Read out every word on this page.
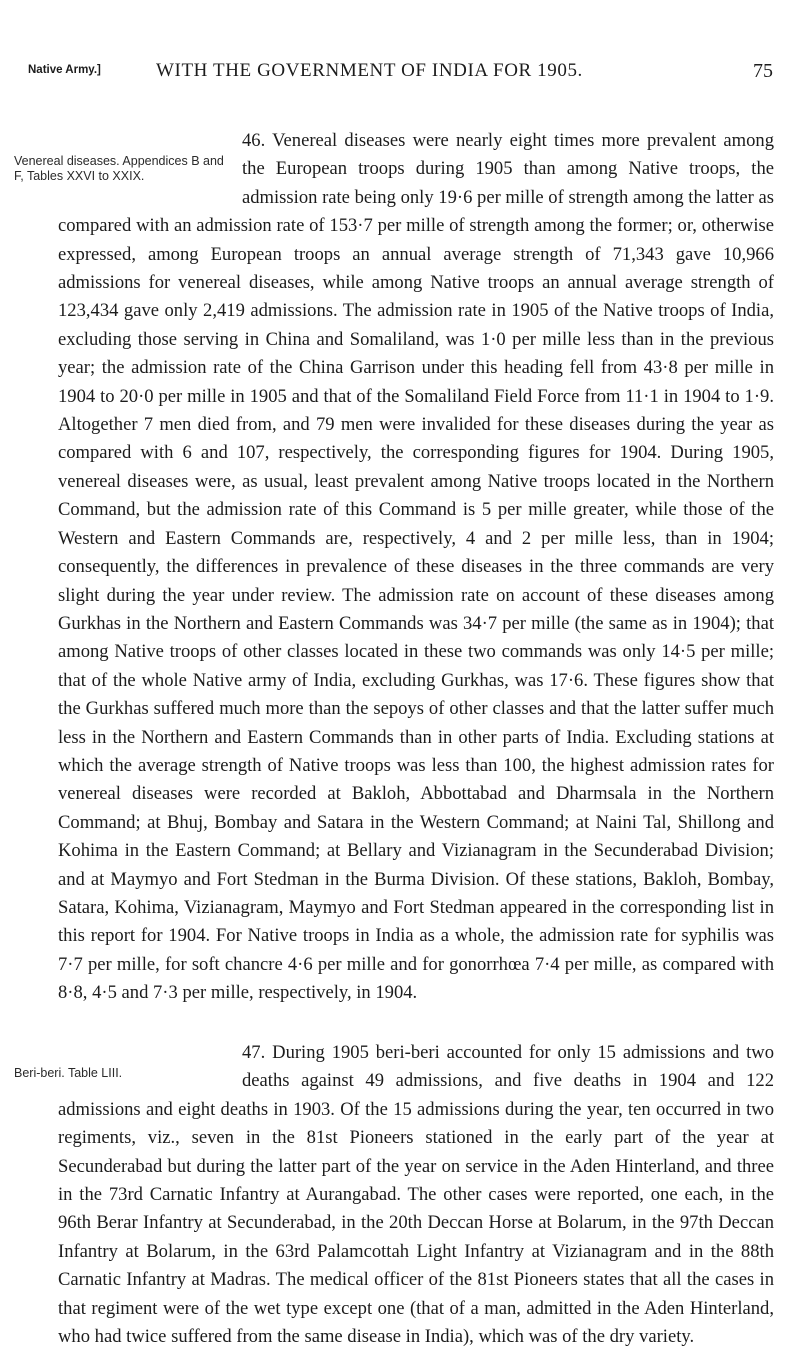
Native Army.]	WITH THE GOVERNMENT OF INDIA FOR 1905.	75

Venereal diseases. Appendices B and F, Tables XXVI to XXIX.
46. Venereal diseases were nearly eight times more prevalent among the European troops during 1905 than among Native troops, the admission rate being only 19·6 per mille of strength among the latter as compared with an admission rate of 153·7 per mille of strength among the former; or, otherwise expressed, among European troops an annual average strength of 71,343 gave 10,966 admissions for venereal diseases, while among Native troops an annual average strength of 123,434 gave only 2,419 admissions. The admission rate in 1905 of the Native troops of India, excluding those serving in China and Somaliland, was 1·0 per mille less than in the previous year; the admission rate of the China Garrison under this heading fell from 43·8 per mille in 1904 to 20·0 per mille in 1905 and that of the Somaliland Field Force from 11·1 in 1904 to 1·9. Altogether 7 men died from, and 79 men were invalided for these diseases during the year as compared with 6 and 107, respectively, the corresponding figures for 1904. During 1905, venereal diseases were, as usual, least prevalent among Native troops located in the Northern Command, but the admission rate of this Command is 5 per mille greater, while those of the Western and Eastern Commands are, respectively, 4 and 2 per mille less, than in 1904; consequently, the differences in prevalence of these diseases in the three commands are very slight during the year under review. The admission rate on account of these diseases among Gurkhas in the Northern and Eastern Commands was 34·7 per mille (the same as in 1904); that among Native troops of other classes located in these two commands was only 14·5 per mille; that of the whole Native army of India, excluding Gurkhas, was 17·6. These figures show that the Gurkhas suffered much more than the sepoys of other classes and that the latter suffer much less in the Northern and Eastern Commands than in other parts of India. Excluding stations at which the average strength of Native troops was less than 100, the highest admission rates for venereal diseases were recorded at Bakloh, Abbottabad and Dharmsala in the Northern Command; at Bhuj, Bombay and Satara in the Western Command; at Naini Tal, Shillong and Kohima in the Eastern Command; at Bellary and Vizianagram in the Secunderabad Division; and at Maymyo and Fort Stedman in the Burma Division. Of these stations, Bakloh, Bombay, Satara, Kohima, Vizianagram, Maymyo and Fort Stedman appeared in the corresponding list in this report for 1904. For Native troops in India as a whole, the admission rate for syphilis was 7·7 per mille, for soft chancre 4·6 per mille and for gonorrhœa 7·4 per mille, as compared with 8·8, 4·5 and 7·3 per mille, respectively, in 1904.

Beri-beri. Table LIII.
47. During 1905 beri-beri accounted for only 15 admissions and two deaths against 49 admissions, and five deaths in 1904 and 122 admissions and eight deaths in 1903. Of the 15 admissions during the year, ten occurred in two regiments, viz., seven in the 81st Pioneers stationed in the early part of the year at Secunderabad but during the latter part of the year on service in the Aden Hinterland, and three in the 73rd Carnatic Infantry at Aurangabad. The other cases were reported, one each, in the 96th Berar Infantry at Secunderabad, in the 20th Deccan Horse at Bolarum, in the 97th Deccan Infantry at Bolarum, in the 63rd Palamcottah Light Infantry at Vizianagram and in the 88th Carnatic Infantry at Madras. The medical officer of the 81st Pioneers states that all the cases in that regiment were of the wet type except one (that of a man, admitted in the Aden Hinterland, who had twice suffered from the same disease in India), which was of the dry variety.
